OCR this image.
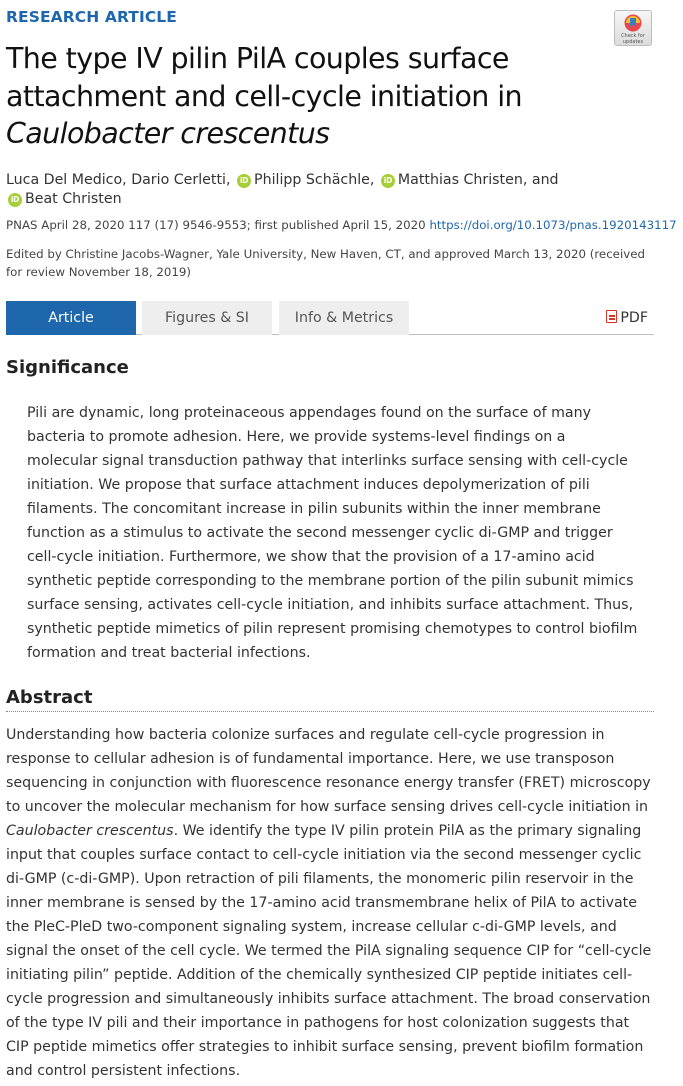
RESEARCH ARTICLE
Check for updates
The type IV pilin PilA couples surface
attachment and cell-cycle initiation in
Caulobacter crescentus
Luca Del Medico, Dario Cerletti, iD Philipp Schächle, iD Matthias Christen, and
iD Beat Christen
PNAS April 28, 2020 117 (17) 9546-9553; first published April 15, 2020 https://doi.org/10.1073/pnas.1920143117
Edited by Christine Jacobs-Wagner, Yale University, New Haven, CT, and approved March 13, 2020 (received for review November 18, 2019)
Article	Figures & SI	Info & Metrics	PDF
Significance

Pili are dynamic, long proteinaceous appendages found on the surface of many bacteria to promote adhesion. Here, we provide systems-level findings on a molecular signal transduction pathway that interlinks surface sensing with cell-cycle initiation. We propose that surface attachment induces depolymerization of pili filaments. The concomitant increase in pilin subunits within the inner membrane function as a stimulus to activate the second messenger cyclic di-GMP and trigger cell-cycle initiation. Furthermore, we show that the provision of a 17-amino acid synthetic peptide corresponding to the membrane portion of the pilin subunit mimics surface sensing, activates cell-cycle initiation, and inhibits surface attachment. Thus, synthetic peptide mimetics of pilin represent promising chemotypes to control biofilm formation and treat bacterial infections.

Abstract

Understanding how bacteria colonize surfaces and regulate cell-cycle progression in response to cellular adhesion is of fundamental importance. Here, we use transposon sequencing in conjunction with fluorescence resonance energy transfer (FRET) microscopy to uncover the molecular mechanism for how surface sensing drives cell-cycle initiation in Caulobacter crescentus. We identify the type IV pilin protein PilA as the primary signaling input that couples surface contact to cell-cycle initiation via the second messenger cyclic di-GMP (c-di-GMP). Upon retraction of pili filaments, the monomeric pilin reservoir in the inner membrane is sensed by the 17-amino acid transmembrane helix of PilA to activate the PleC-PleD two-component signaling system, increase cellular c-di-GMP levels, and signal the onset of the cell cycle. We termed the PilA signaling sequence CIP for “cell-cycle initiating pilin” peptide. Addition of the chemically synthesized CIP peptide initiates cell-cycle progression and simultaneously inhibits surface attachment. The broad conservation of the type IV pili and their importance in pathogens for host colonization suggests that CIP peptide mimetics offer strategies to inhibit surface sensing, prevent biofilm formation and control persistent infections.
